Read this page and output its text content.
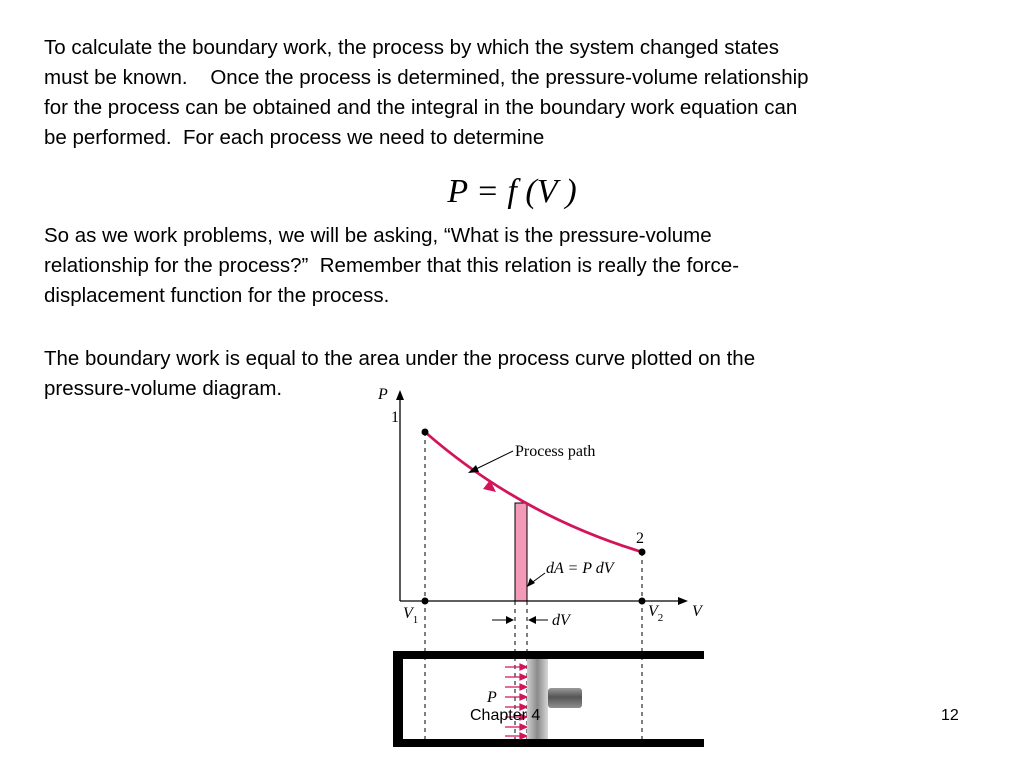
To calculate the boundary work, the process by which the system changed states
must be known.    Once the process is determined, the pressure-volume relationship
for the process can be obtained and the integral in the boundary work equation can
be performed.  For each process we need to determine
P = f (V )
So as we work problems, we will be asking, “What is the pressure-volume
relationship for the process?”  Remember that this relation is really the force-
displacement function for the process.
The boundary work is equal to the area under the process curve plotted on the
pressure-volume diagram.	P
V
1
2
Process path
dA = P dV
$V_1$	$V_2$
dV
P
Chapter 4	12
